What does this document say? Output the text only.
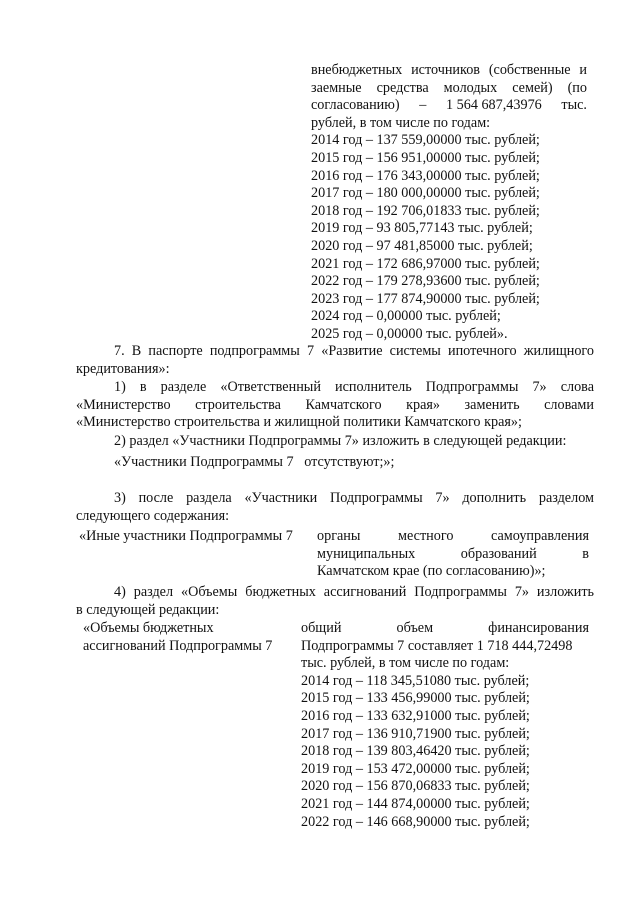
внебюджетных источников (собственные и
заемные средства молодых семей) (по
согласованию) – 1 564 687,43976 тыс.
рублей, в том числе по годам:
2014 год – 137 559,00000 тыс. рублей;
2015 год – 156 951,00000 тыс. рублей;
2016 год – 176 343,00000 тыс. рублей;
2017 год – 180 000,00000 тыс. рублей;
2018 год – 192 706,01833 тыс. рублей;
2019 год – 93 805,77143 тыс. рублей;
2020 год – 97 481,85000 тыс. рублей;
2021 год – 172 686,97000 тыс. рублей;
2022 год – 179 278,93600 тыс. рублей;
2023 год – 177 874,90000 тыс. рублей;
2024 год – 0,00000 тыс. рублей;
2025 год – 0,00000 тыс. рублей».
7. В паспорте подпрограммы 7 «Развитие системы ипотечного жилищного
кредитования»:
1) в разделе «Ответственный исполнитель Подпрограммы 7» слова
«Министерство строительства Камчатского края» заменить словами
«Министерство строительства и жилищной политики Камчатского края»;
2) раздел «Участники Подпрограммы 7» изложить в следующей редакции:
«Участники Подпрограммы 7   отсутствуют;»;
3) после раздела «Участники Подпрограммы 7» дополнить разделом
следующего содержания:
«Иные участники Подпрограммы 7 органы местного самоуправления
муниципальных образований в
Камчатском крае (по согласованию)»;
4) раздел «Объемы бюджетных ассигнований Подпрограммы 7» изложить
в следующей редакции:
«Объемы бюджетных
ассигнований Подпрограммы 7
общий объем финансирования
Подпрограммы 7 составляет 1 718 444,72498
тыс. рублей, в том числе по годам:
2014 год – 118 345,51080 тыс. рублей;
2015 год – 133 456,99000 тыс. рублей;
2016 год – 133 632,91000 тыс. рублей;
2017 год – 136 910,71900 тыс. рублей;
2018 год – 139 803,46420 тыс. рублей;
2019 год – 153 472,00000 тыс. рублей;
2020 год – 156 870,06833 тыс. рублей;
2021 год – 144 874,00000 тыс. рублей;
2022 год – 146 668,90000 тыс. рублей;
